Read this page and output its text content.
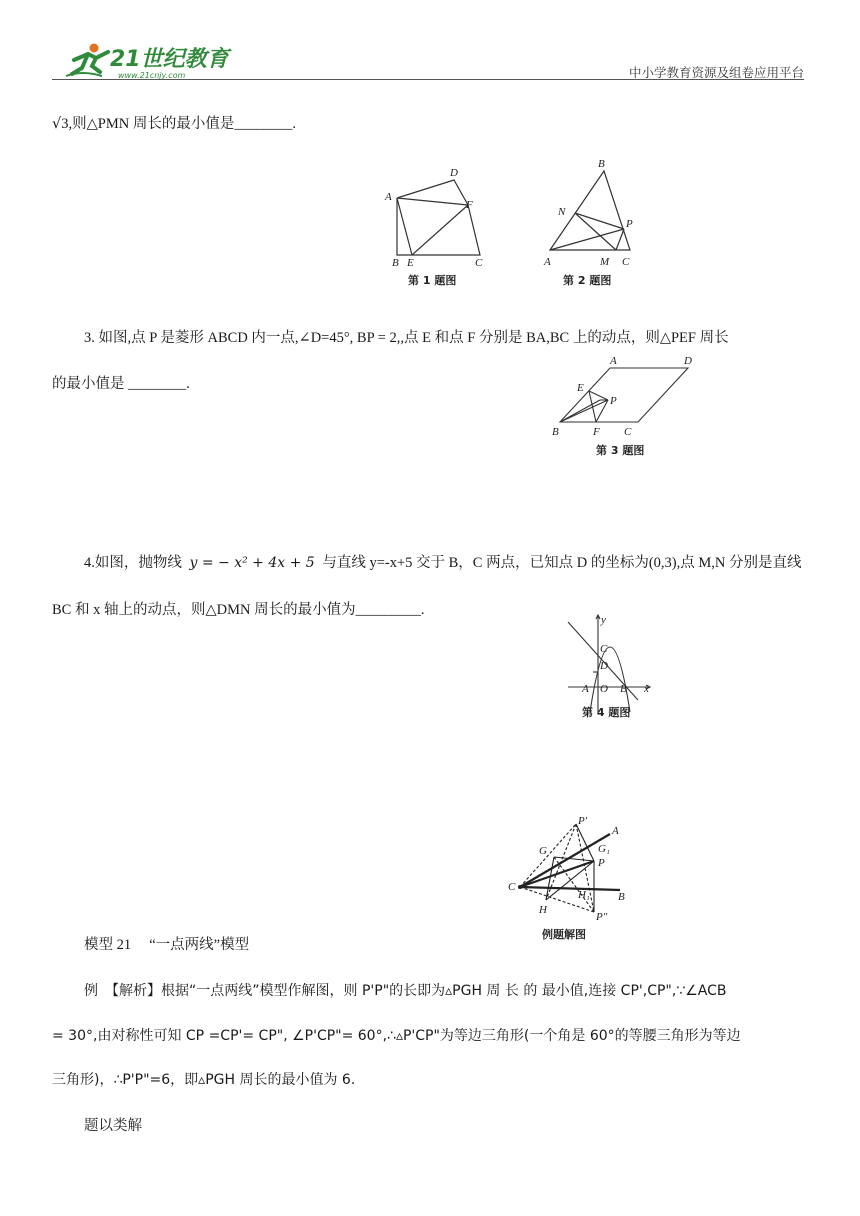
21世纪教育
www.21cnjy.com	中小学教育资源及组卷应用平台
√3,则△PMN 周长的最小值是________.
A
D
F
B E	C
第 1 题图
B
N
P
A	M C
第 2 题图
3. 如图,点 P 是菱形 ABCD 内一点,∠D=45°, BP = 2,,点 E 和点 F 分别是 BA,BC 上的动点，则△PEF 周长
的最小值是 ________.
A	D
E
P
B	F C
第 3 题图
4.如图，抛物线 y = − x² + 4x + 5 与直线 y=-x+5 交于 B，C 两点，已知点 D 的坐标为(0,3),点 M,N 分别是直线
BC 和 x 轴上的动点，则△DMN 周长的最小值为_________.
y
C
D
A O B x
第 4 题图
P'
A
G	G₁
P
C
H₁	B
H
P"
例题解图
模型 21　 “一点两线”模型
例　【解析】根据“一点两线”模型作解图，则 P'P"的长即为▵PGH 周 长 的 最小值,连接 CP',CP",∵∠ACB
= 30°,由对称性可知 CP =CP'= CP", ∠P'CP"= 60°,∴▵P'CP"为等边三角形(一个角是 60°的等腰三角形为等边
三角形)，∴P'P"=6，即▵PGH 周长的最小值为 6.
题以类解
